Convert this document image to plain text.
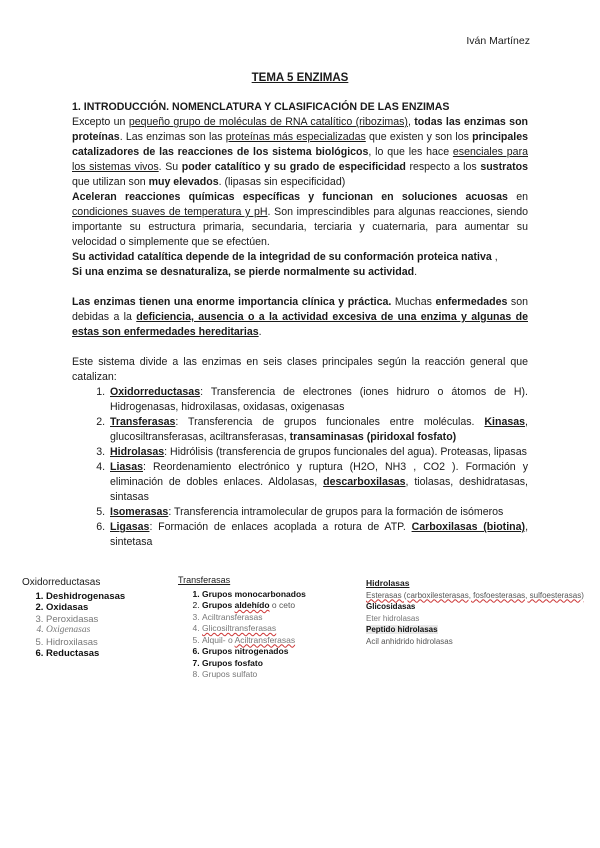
Iván Martínez
TEMA 5 ENZIMAS

1. INTRODUCCIÓN. NOMENCLATURA Y CLASIFICACIÓN DE LAS ENZIMAS

Excepto un pequeño grupo de moléculas de RNA catalítico (ribozimas), todas las enzimas son proteínas. Las enzimas son las proteínas más especializadas que existen y son los principales catalizadores de las reacciones de los sistema biológicos, lo que les hace esenciales para los sistemas vivos. Su poder catalítico y su grado de especificidad respecto a los sustratos que utilizan son muy elevados. (lipasas sin especificidad)

Aceleran reacciones químicas específicas y funcionan en soluciones acuosas en condiciones suaves de temperatura y pH. Son imprescindibles para algunas reacciones, siendo importante su estructura primaria, secundaria, terciaria y cuaternaria, para aumentar su velocidad o simplemente que se efectúen.

Su actividad catalítica depende de la integridad de su conformación proteica nativa ,

Si una enzima se desnaturaliza, se pierde normalmente su actividad.

Las enzimas tienen una enorme importancia clínica y práctica. Muchas enfermedades son debidas a la deficiencia, ausencia o a la actividad excesiva de una enzima y algunas de estas son enfermedades hereditarias.

Este sistema divide a las enzimas en seis clases principales según la reacción general que catalizan:

1. Oxidorreductasas: Transferencia de electrones (iones hidruro o átomos de H). Hidrogenasas, hidroxilasas, oxidasas, oxigenasas
2. Transferasas: Transferencia de grupos funcionales entre moléculas. Kinasas, glucosiltransferasas, aciltransferasas, transaminasas (piridoxal fosfato)
3. Hidrolasas: Hidrólisis (transferencia de grupos funcionales del agua). Proteasas, lipasas
4. Liasas: Reordenamiento electrónico y ruptura (H2O, NH3 , CO2 ). Formación y eliminación de dobles enlaces. Aldolasas, descarboxilasas, tiolasas, deshidratasas, sintasas
5. Isomerasas: Transferencia intramolecular de grupos para la formación de isómeros
6. Ligasas: Formación de enlaces acoplada a rotura de ATP. Carboxilasas (biotina), sintetasa
Oxidorreductasas
1. Deshidrogenasas
2. Oxidasas
3. Peroxidasas
4. Oxigenasas
5. Hidroxilasas
6. Reductasas
Transferasas
1. Grupos monocarbonados
2. Grupos aldehído o ceto
3. Aciltransferasas
4. Glicosiltransferasas
5. Alquil- o Aciltransferasas
6. Grupos nitrogenados
7. Grupos fosfato
8. Grupos sulfato
Hidrolasas
Esterasas (carboxilesterasas, fosfoesterasas, sulfoesterasas)
Glicosidasas
Eter hidrolasas
Peptido hidrolasas
Acil anhidrido hidrolasas
